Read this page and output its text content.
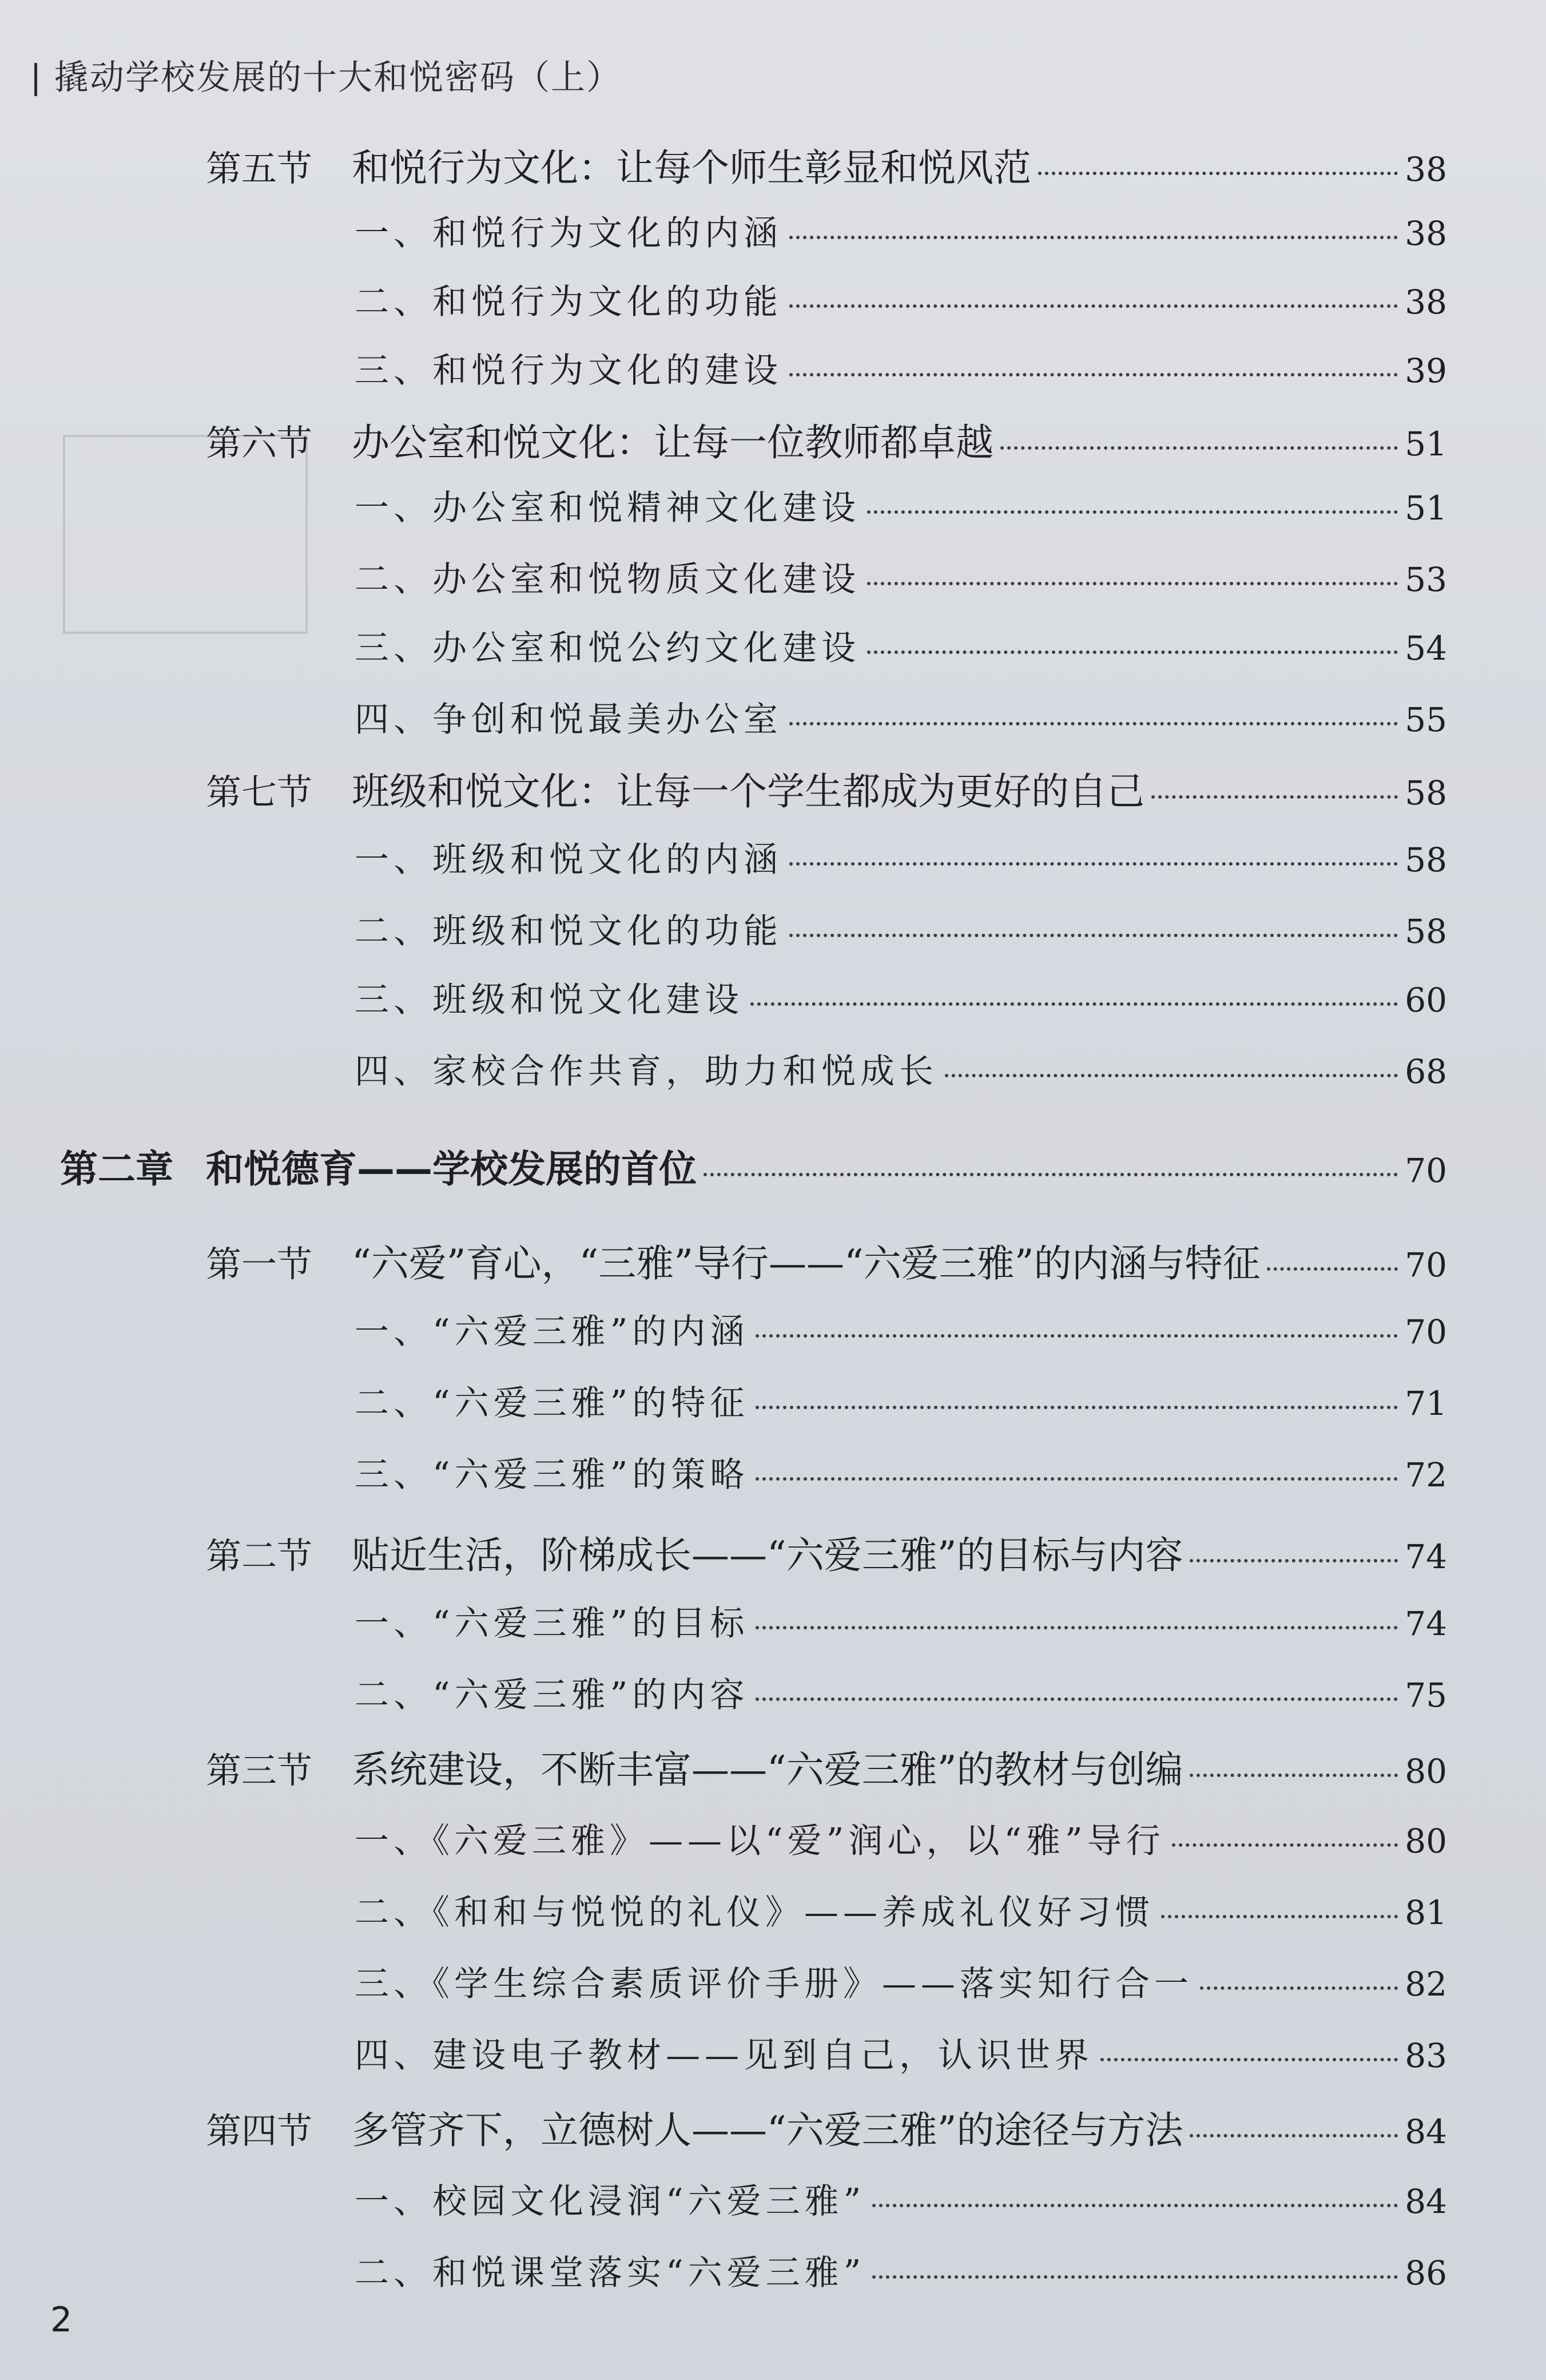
撬动学校发展的十大和悦密码（上）
第五节	和悦行为文化：让每个师生彰显和悦风范	38
一、和悦行为文化的内涵	38
二、和悦行为文化的功能	38
三、和悦行为文化的建设	39
第六节	办公室和悦文化：让每一位教师都卓越	51
一、办公室和悦精神文化建设	51
二、办公室和悦物质文化建设	53
三、办公室和悦公约文化建设	54
四、争创和悦最美办公室	55
第七节	班级和悦文化：让每一个学生都成为更好的自己	58
一、班级和悦文化的内涵	58
二、班级和悦文化的功能	58
三、班级和悦文化建设	60
四、家校合作共育，助力和悦成长	68
第二章 和悦德育——学校发展的首位	70
第一节	“六爱”育心，“三雅”导行——“六爱三雅”的内涵与特征	70
一、“六爱三雅”的内涵	70
二、“六爱三雅”的特征	71
三、“六爱三雅”的策略	72
第二节	贴近生活，阶梯成长——“六爱三雅”的目标与内容	74
一、“六爱三雅”的目标	74
二、“六爱三雅”的内容	75
第三节	系统建设，不断丰富——“六爱三雅”的教材与创编	80
一、《六爱三雅》——以“爱”润心，以“雅”导行	80
二、《和和与悦悦的礼仪》——养成礼仪好习惯	81
三、《学生综合素质评价手册》——落实知行合一	82
四、建设电子教材——见到自己，认识世界	83
第四节	多管齐下，立德树人——“六爱三雅”的途径与方法	84
一、校园文化浸润“六爱三雅”	84
二、和悦课堂落实“六爱三雅”	86
2
